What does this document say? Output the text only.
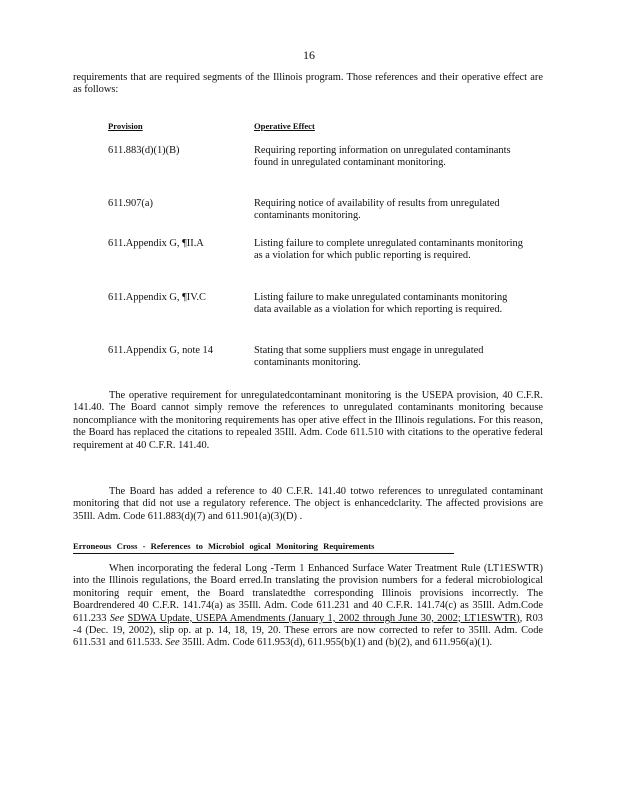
16
requirements that are required segments of the Illinois program. Those references and their operative effect are as follows:
Provision	Operative Effect
611.883(d)(1)(B)	Requiring reporting information on unregulated contaminants found in unregulated contaminant monitoring.
611.907(a)	Requiring notice of availability of results from unregulated contaminants monitoring.
611.Appendix G, ¶II.A	Listing failure to complete unregulated contaminants monitoring as a violation for which public reporting is required.
611.Appendix G, ¶IV.C	Listing failure to make unregulated contaminants monitoring data available as a violation for which reporting is required.
611.Appendix G, note 14	Stating that some suppliers must engage in unregulated contaminants monitoring.
The operative requirement for unregulatedcontaminant monitoring is the USEPA provision, 40 C.F.R. 141.40. The Board cannot simply remove the references to unregulated contaminants monitoring because noncompliance with the monitoring requirements has oper ative effect in the Illinois regulations. For this reason, the Board has replaced the citations to repealed 35Ill. Adm. Code 611.510 with citations to the operative federal requirement at 40 C.F.R. 141.40.
The Board has added a reference to 40 C.F.R. 141.40 totwo references to unregulated contaminant monitoring that did not use a regulatory reference. The object is enhancedclarity. The affected provisions are 35Ill. Adm. Code 611.883(d)(7) and 611.901(a)(3)(D) .
Erroneous Cross - References to Microbiol ogical Monitoring Requirements
When incorporating the federal Long -Term 1 Enhanced Surface Water Treatment Rule (LT1ESWTR) into the Illinois regulations, the Board erred.In translating the provision numbers for a federal microbiological monitoring requir ement, the Board translatedthe corresponding Illinois provisions incorrectly. The Boardrendered 40 C.F.R. 141.74(a) as 35Ill. Adm. Code 611.231 and 40 C.F.R. 141.74(c) as 35Ill. Adm.Code 611.233 See SDWA Update, USEPA Amendments (January 1, 2002 through June 30, 2002; LT1ESWTR), R03 -4 (Dec. 19, 2002), slip op. at p. 14, 18, 19, 20. These errors are now corrected to refer to 35Ill. Adm. Code 611.531 and 611.533. See 35Ill. Adm. Code 611.953(d), 611.955(b)(1) and (b)(2), and 611.956(a)(1).
